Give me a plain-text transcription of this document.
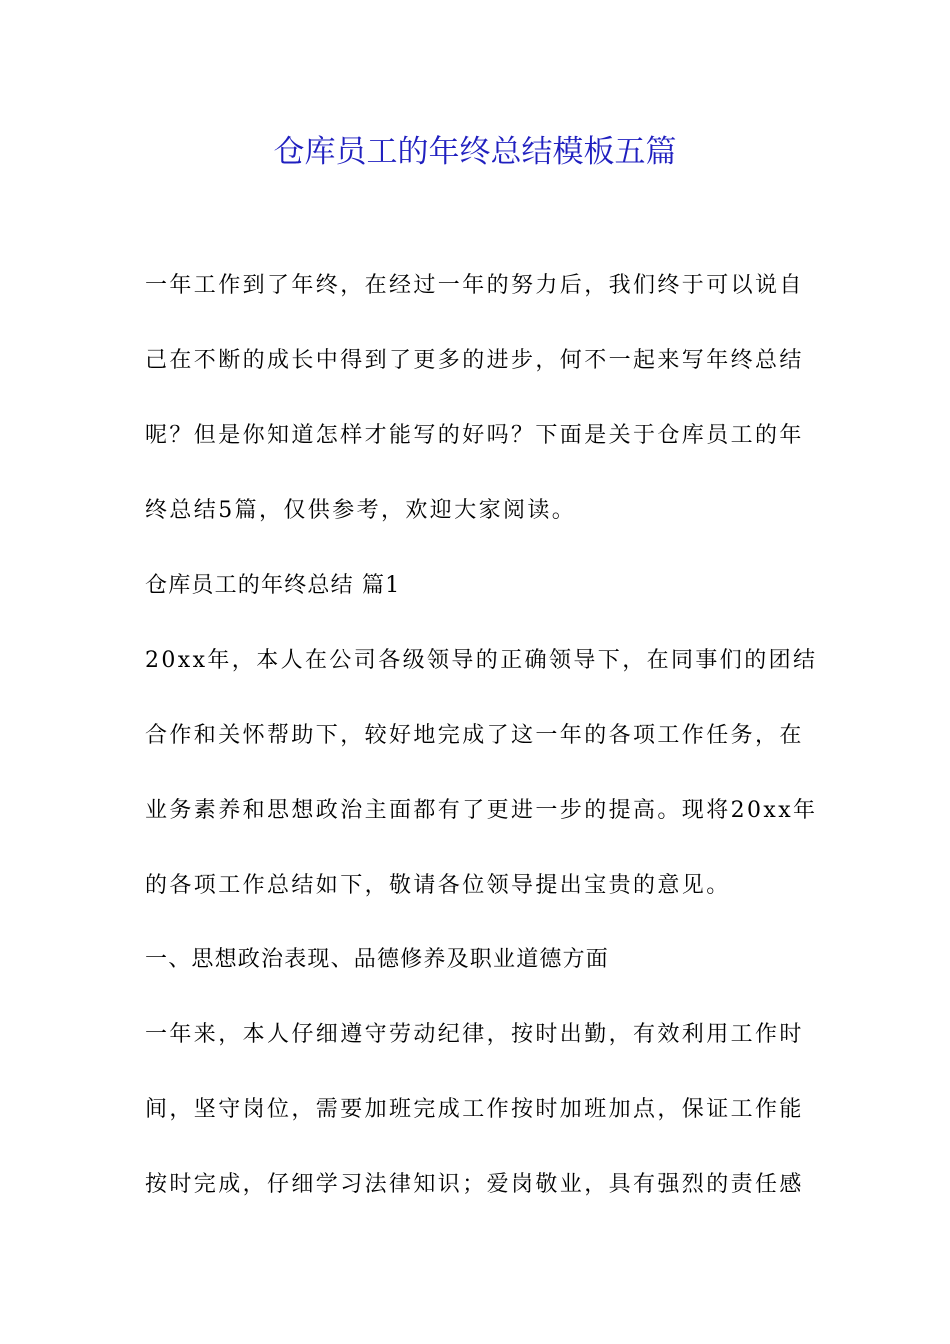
仓库员工的年终总结模板五篇
一年工作到了年终，在经过一年的努力后，我们终于可以说自
己在不断的成长中得到了更多的进步，何不一起来写年终总结
呢？但是你知道怎样才能写的好吗？下面是关于仓库员工的年
终总结5篇，仅供参考，欢迎大家阅读。
仓库员工的年终总结 篇1
20xx年，本人在公司各级领导的正确领导下，在同事们的团结
合作和关怀帮助下，较好地完成了这一年的各项工作任务，在
业务素养和思想政治主面都有了更进一步的提高。现将20xx年
的各项工作总结如下，敬请各位领导提出宝贵的意见。
一、思想政治表现、品德修养及职业道德方面
一年来，本人仔细遵守劳动纪律，按时出勤，有效利用工作时
间，坚守岗位，需要加班完成工作按时加班加点，保证工作能
按时完成，仔细学习法律知识；爱岗敬业，具有强烈的责任感
